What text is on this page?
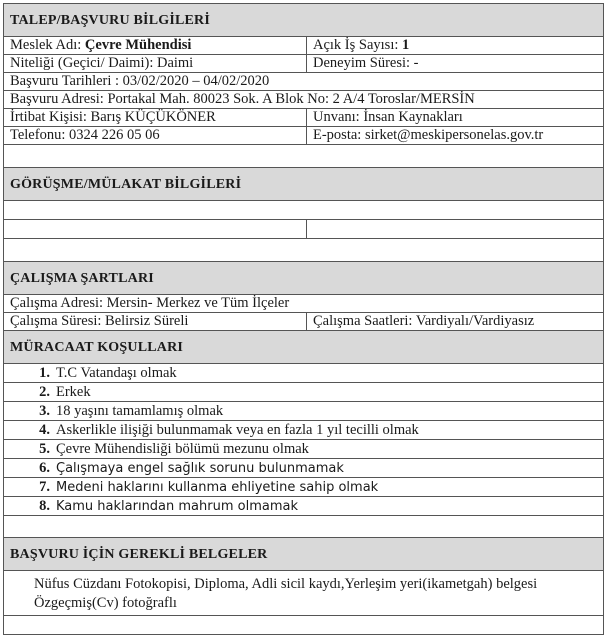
TALEP/BAŞVURU BİLGİLERİ
Meslek Adı: Çevre Mühendisi	Açık İş Sayısı: 1
Niteliği (Geçici/ Daimi): Daimi	Deneyim Süresi: -
Başvuru Tarihleri : 03/02/2020 – 04/02/2020
Başvuru Adresi: Portakal Mah. 80023 Sok. A Blok No: 2 A/4 Toroslar/MERSİN
İrtibat Kişisi: Barış KÜÇÜKÖNER	Unvanı: İnsan Kaynakları
Telefonu: 0324 226 05 06	E-posta: sirket@meskipersonelas.gov.tr
GÖRÜŞME/MÜLAKAT BİLGİLERİ
ÇALIŞMA ŞARTLARI
Çalışma Adresi: Mersin- Merkez ve Tüm İlçeler
Çalışma Süresi: Belirsiz Süreli	Çalışma Saatleri: Vardiyalı/Vardiyasız
MÜRACAAT KOŞULLARI
1. T.C Vatandaşı olmak
2. Erkek
3. 18 yaşını tamamlamış olmak
4. Askerlikle ilişiği bulunmamak veya en fazla 1 yıl tecilli olmak
5. Çevre Mühendisliği bölümü mezunu olmak
6. Çalışmaya engel sağlık sorunu bulunmamak
7. Medeni haklarını kullanma ehliyetine sahip olmak
8. Kamu haklarından mahrum olmamak
BAŞVURU İÇİN GEREKLİ BELGELER
Nüfus Cüzdanı Fotokopisi, Diploma, Adli sicil kaydı,Yerleşim yeri(ikametgah) belgesi Özgeçmiş(Cv) fotoğraflı
